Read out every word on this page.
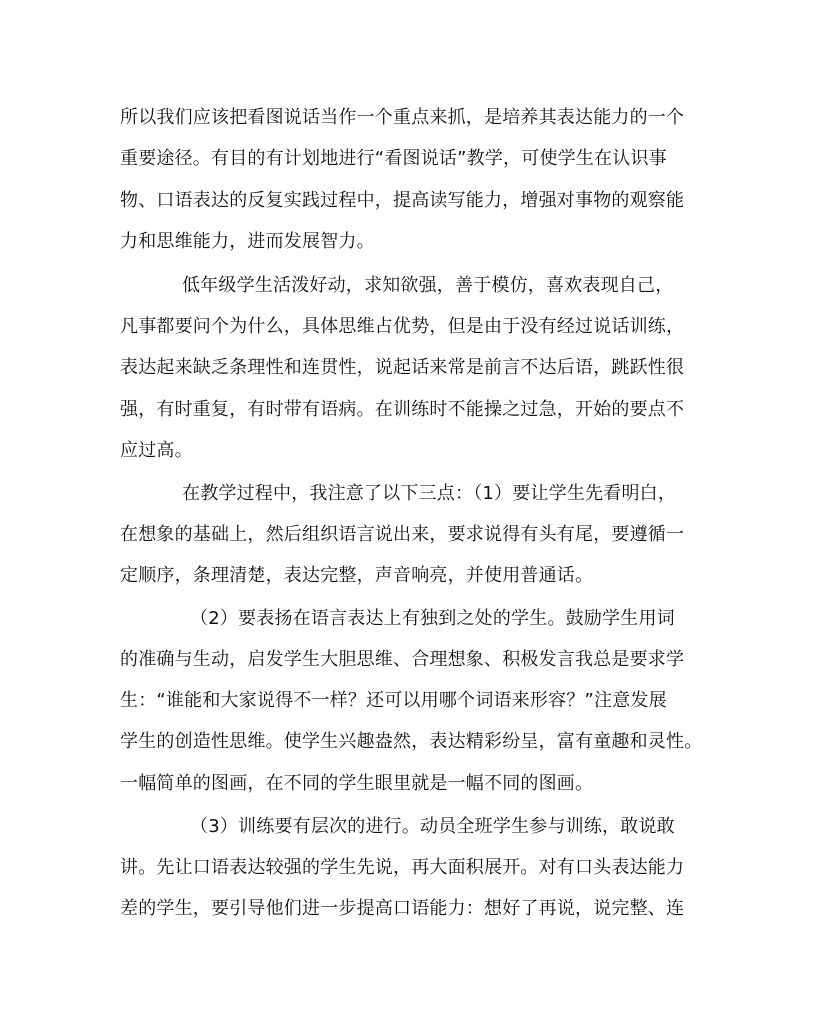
所以我们应该把看图说话当作一个重点来抓，是培养其表达能力的一个

重要途径。有目的有计划地进行“看图说话”教学，可使学生在认识事

物、口语表达的反复实践过程中，提高读写能力，增强对事物的观察能

力和思维能力，进而发展智力。

低年级学生活泼好动，求知欲强，善于模仿，喜欢表现自己，

凡事都要问个为什么，具体思维占优势，但是由于没有经过说话训练，

表达起来缺乏条理性和连贯性，说起话来常是前言不达后语，跳跃性很

强，有时重复，有时带有语病。在训练时不能操之过急，开始的要点不

应过高。

在教学过程中，我注意了以下三点：（1）要让学生先看明白，

在想象的基础上，然后组织语言说出来，要求说得有头有尾，要遵循一

定顺序，条理清楚，表达完整，声音响亮，并使用普通话。

（2）要表扬在语言表达上有独到之处的学生。鼓励学生用词

的准确与生动，启发学生大胆思维、合理想象、积极发言我总是要求学

生：“谁能和大家说得不一样？还可以用哪个词语来形容？”注意发展

学生的创造性思维。使学生兴趣盎然，表达精彩纷呈，富有童趣和灵性。

一幅简单的图画，在不同的学生眼里就是一幅不同的图画。

（3）训练要有层次的进行。动员全班学生参与训练，敢说敢

讲。先让口语表达较强的学生先说，再大面积展开。对有口头表达能力

差的学生，要引导他们进一步提高口语能力：想好了再说，说完整、连
